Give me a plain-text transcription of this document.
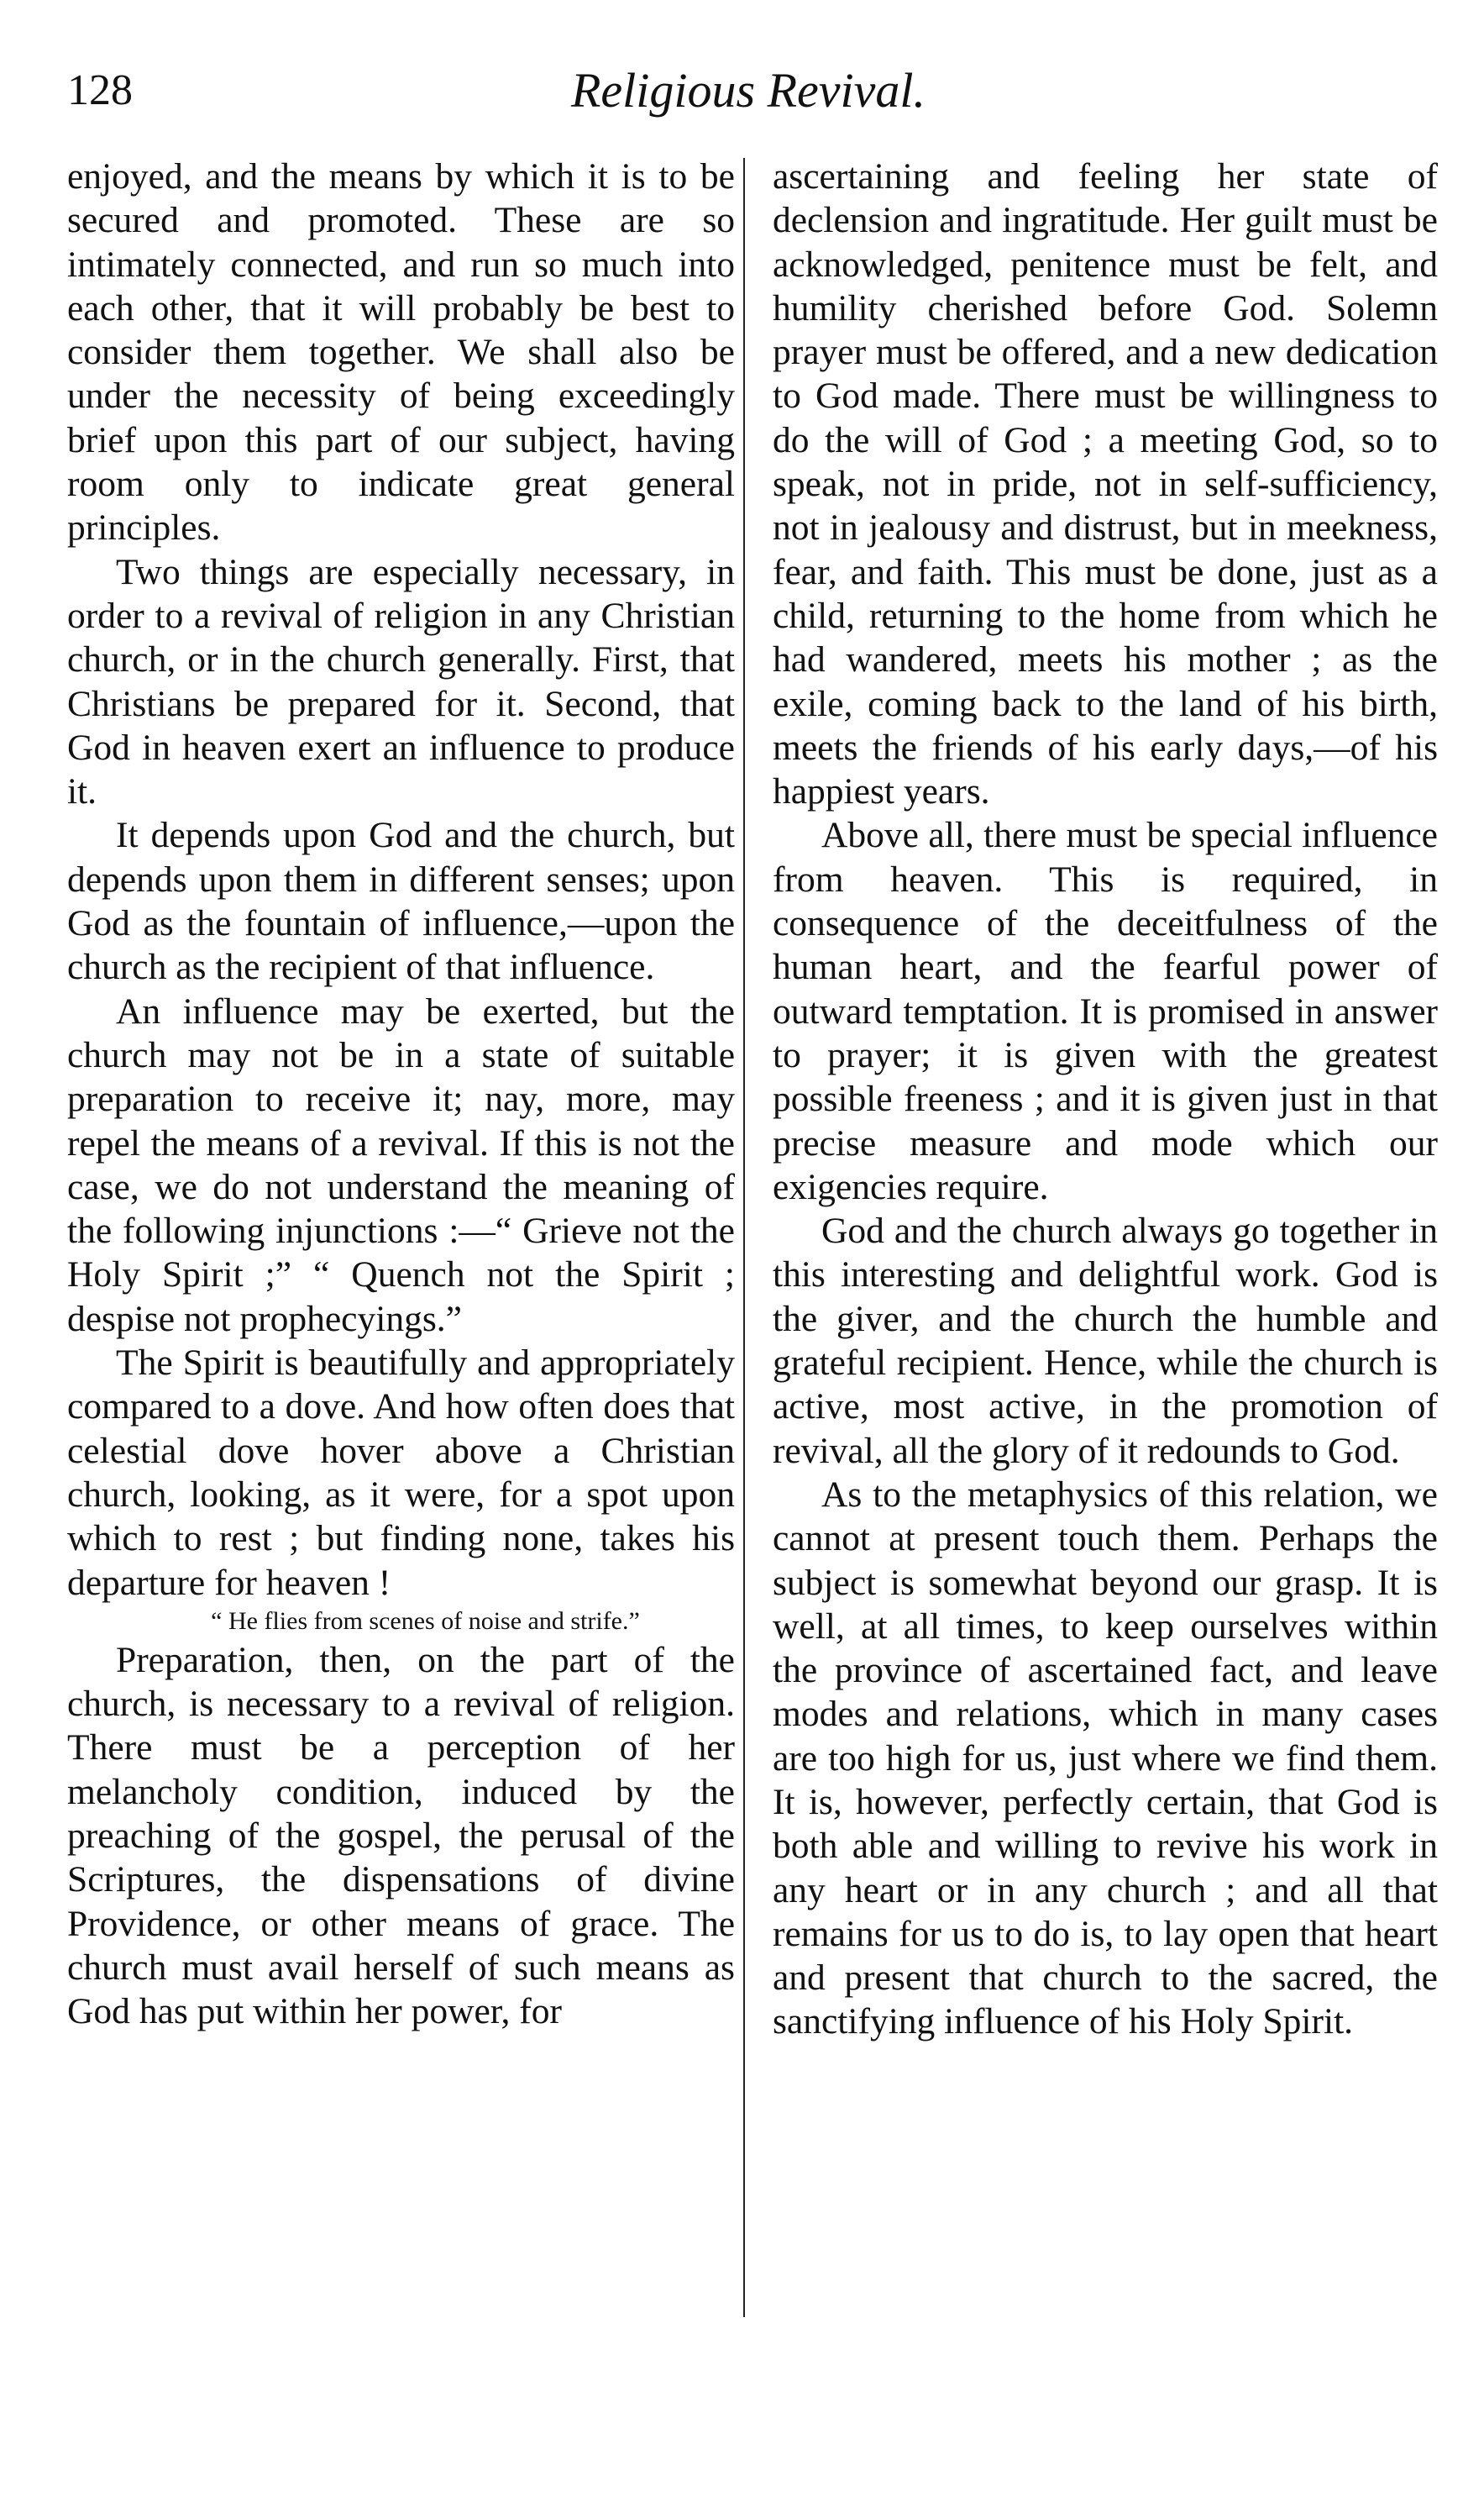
128	Religious Revival.

enjoyed, and the means by which it is to be secured and promoted. These are so intimately connected, and run so much into each other, that it will probably be best to consider them together. We shall also be under the necessity of being exceedingly brief upon this part of our subject, having room only to indicate great general principles.

Two things are especially necessary, in order to a revival of religion in any Christian church, or in the church generally. First, that Christians be prepared for it. Second, that God in heaven exert an influence to produce it.

It depends upon God and the church, but depends upon them in different senses; upon God as the fountain of influence,—upon the church as the recipient of that influence.

An influence may be exerted, but the church may not be in a state of suitable preparation to receive it; nay, more, may repel the means of a revival. If this is not the case, we do not understand the meaning of the following injunctions :—“ Grieve not the Holy Spirit ;” “ Quench not the Spirit ; despise not prophecyings.”

The Spirit is beautifully and appropriately compared to a dove. And how often does that celestial dove hover above a Christian church, looking, as it were, for a spot upon which to rest ; but finding none, takes his departure for heaven !

“ He flies from scenes of noise and strife.”

Preparation, then, on the part of the church, is necessary to a revival of religion. There must be a perception of her melancholy condition, induced by the preaching of the gospel, the perusal of the Scriptures, the dispensations of divine Providence, or other means of grace. The church must avail herself of such means as God has put within her power, for

ascertaining and feeling her state of declension and ingratitude. Her guilt must be acknowledged, penitence must be felt, and humility cherished before God. Solemn prayer must be offered, and a new dedication to God made. There must be willingness to do the will of God ; a meeting God, so to speak, not in pride, not in self-sufficiency, not in jealousy and distrust, but in meekness, fear, and faith. This must be done, just as a child, returning to the home from which he had wandered, meets his mother ; as the exile, coming back to the land of his birth, meets the friends of his early days,—of his happiest years.

Above all, there must be special influence from heaven. This is required, in consequence of the deceitfulness of the human heart, and the fearful power of outward temptation. It is promised in answer to prayer; it is given with the greatest possible freeness ; and it is given just in that precise measure and mode which our exigencies require.

God and the church always go together in this interesting and delightful work. God is the giver, and the church the humble and grateful recipient. Hence, while the church is active, most active, in the promotion of revival, all the glory of it redounds to God.

As to the metaphysics of this relation, we cannot at present touch them. Perhaps the subject is somewhat beyond our grasp. It is well, at all times, to keep ourselves within the province of ascertained fact, and leave modes and relations, which in many cases are too high for us, just where we find them. It is, however, perfectly certain, that God is both able and willing to revive his work in any heart or in any church ; and all that remains for us to do is, to lay open that heart and present that church to the sacred, the sanctifying influence of his Holy Spirit.
